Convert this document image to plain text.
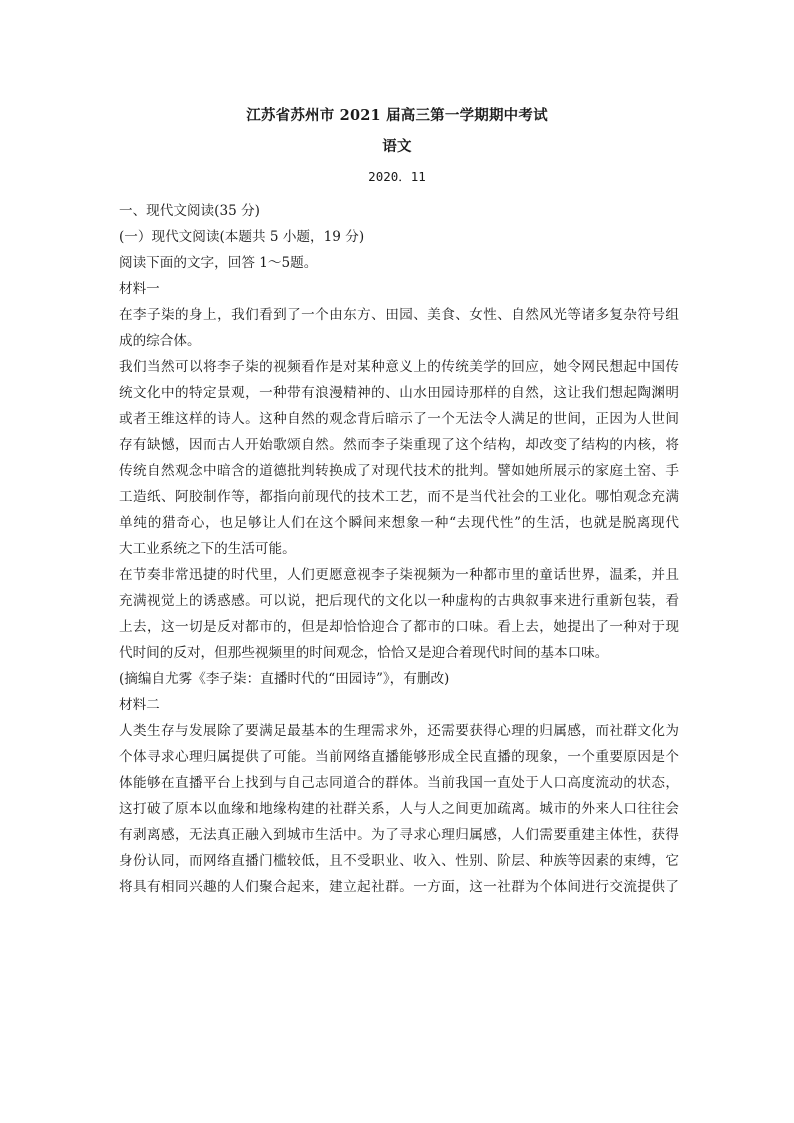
江苏省苏州市 2021 届高三第一学期期中考试
语文
2020．11
一、现代文阅读(35 分)
(一）现代文阅读(本题共 5 小题，19 分)
阅读下面的文字，回答 1～5题。
材料一
在李子柒的身上，我们看到了一个由东方、田园、美食、女性、自然风光等诸多复杂符号组
成的综合体。
我们当然可以将李子柒的视频看作是对某种意义上的传统美学的回应，她令网民想起中国传
统文化中的特定景观，一种带有浪漫精神的、山水田园诗那样的自然，这让我们想起陶渊明
或者王维这样的诗人。这种自然的观念背后暗示了一个无法令人满足的世间，正因为人世间
存有缺憾，因而古人开始歌颂自然。然而李子柒重现了这个结构，却改变了结构的内核，将
传统自然观念中暗含的道德批判转换成了对现代技术的批判。譬如她所展示的家庭土窑、手
工造纸、阿胶制作等，都指向前现代的技术工艺，而不是当代社会的工业化。哪怕观念充满
单纯的猎奇心，也足够让人们在这个瞬间来想象一种“去现代性”的生活，也就是脱离现代
大工业系统之下的生活可能。
在节奏非常迅捷的时代里，人们更愿意视李子柒视频为一种都市里的童话世界，温柔，并且
充满视觉上的诱惑感。可以说，把后现代的文化以一种虚构的古典叙事来进行重新包装，看
上去，这一切是反对都市的，但是却恰恰迎合了都市的口味。看上去，她提出了一种对于现
代时间的反对，但那些视频里的时间观念，恰恰又是迎合着现代时间的基本口味。
(摘编自尤雾《李子柒：直播时代的“田园诗”》，有删改)
材料二
人类生存与发展除了要满足最基本的生理需求外，还需要获得心理的归属感，而社群文化为
个体寻求心理归属提供了可能。当前网络直播能够形成全民直播的现象，一个重要原因是个
体能够在直播平台上找到与自己志同道合的群体。当前我国一直处于人口高度流动的状态，
这打破了原本以血缘和地缘构建的社群关系，人与人之间更加疏离。城市的外来人口往往会
有剥离感，无法真正融入到城市生活中。为了寻求心理归属感，人们需要重建主体性，获得
身份认同，而网络直播门槛较低，且不受职业、收入、性别、阶层、种族等因素的束缚，它
将具有相同兴趣的人们聚合起来，建立起社群。一方面，这一社群为个体间进行交流提供了
